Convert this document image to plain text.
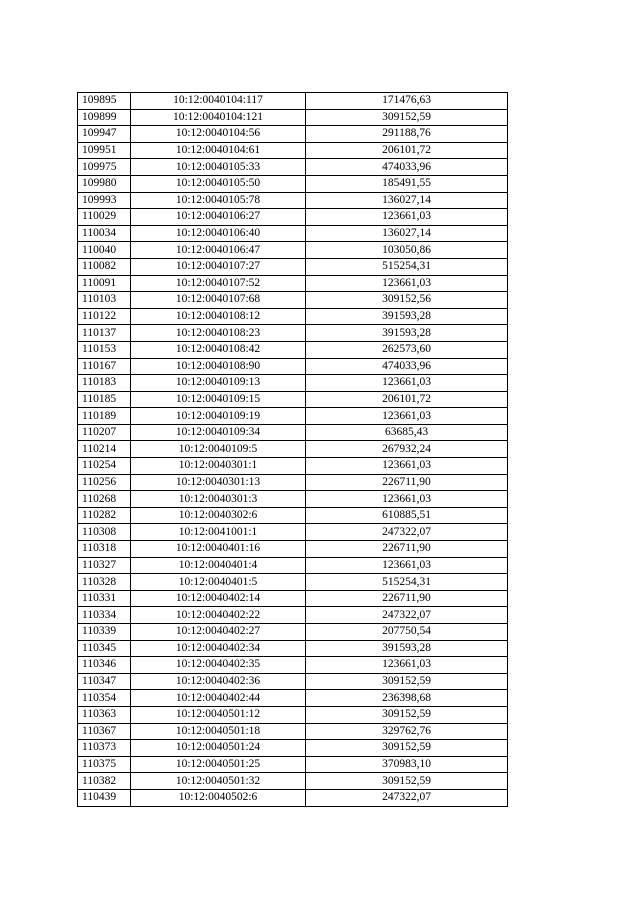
109895	10:12:0040104:117	171476,63
109899	10:12:0040104:121	309152,59
109947	10:12:0040104:56	291188,76
109951	10:12:0040104:61	206101,72
109975	10:12:0040105:33	474033,96
109980	10:12:0040105:50	185491,55
109993	10:12:0040105:78	136027,14
110029	10:12:0040106:27	123661,03
110034	10:12:0040106:40	136027,14
110040	10:12:0040106:47	103050,86
110082	10:12:0040107:27	515254,31
110091	10:12:0040107:52	123661,03
110103	10:12:0040107:68	309152,56
110122	10:12:0040108:12	391593,28
110137	10:12:0040108:23	391593,28
110153	10:12:0040108:42	262573,60
110167	10:12:0040108:90	474033,96
110183	10:12:0040109:13	123661,03
110185	10:12:0040109:15	206101,72
110189	10:12:0040109:19	123661,03
110207	10:12:0040109:34	63685,43
110214	10:12:0040109:5	267932,24
110254	10:12:0040301:1	123661,03
110256	10:12:0040301:13	226711,90
110268	10:12:0040301:3	123661,03
110282	10:12:0040302:6	610885,51
110308	10:12:0041001:1	247322,07
110318	10:12:0040401:16	226711,90
110327	10:12:0040401:4	123661,03
110328	10:12:0040401:5	515254,31
110331	10:12:0040402:14	226711,90
110334	10:12:0040402:22	247322,07
110339	10:12:0040402:27	207750,54
110345	10:12:0040402:34	391593,28
110346	10:12:0040402:35	123661,03
110347	10:12:0040402:36	309152,59
110354	10:12:0040402:44	236398,68
110363	10:12:0040501:12	309152,59
110367	10:12:0040501:18	329762,76
110373	10:12:0040501:24	309152,59
110375	10:12:0040501:25	370983,10
110382	10:12:0040501:32	309152,59
110439	10:12:0040502:6	247322,07
